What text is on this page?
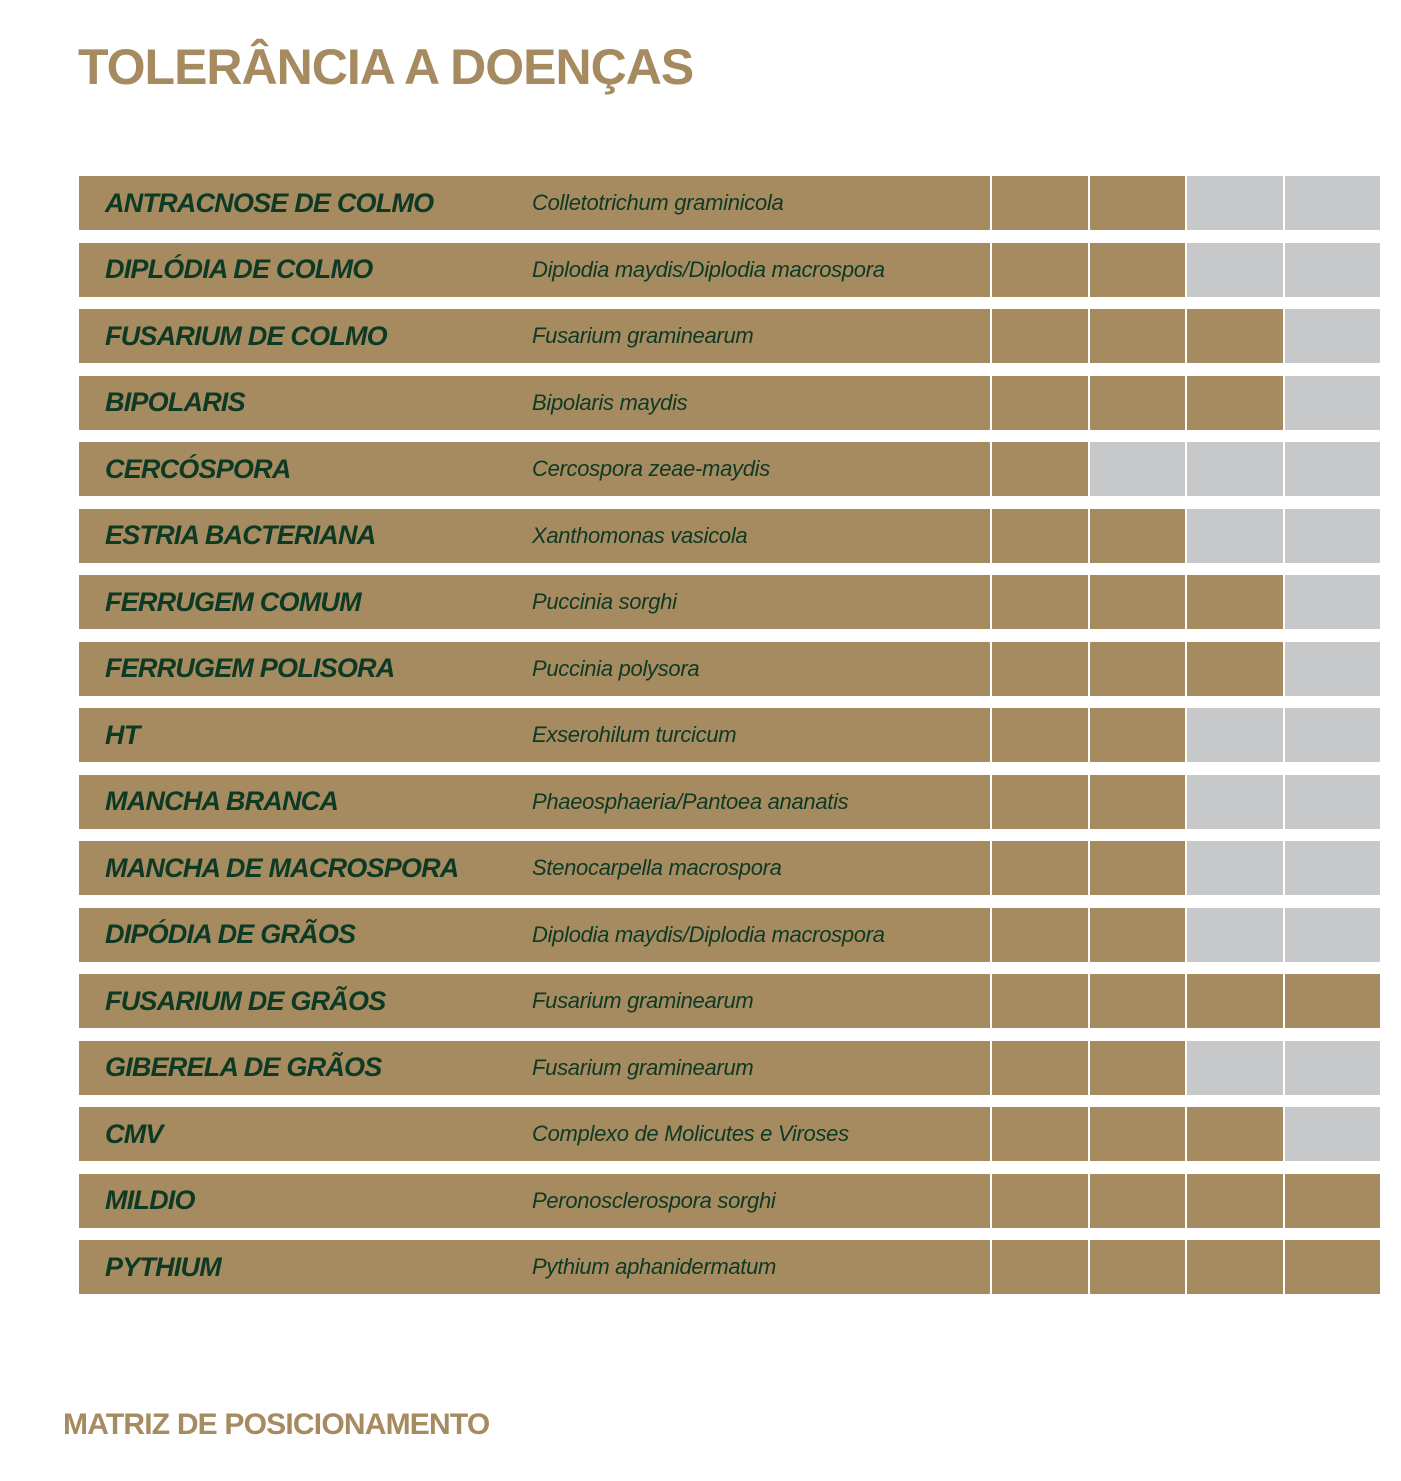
TOLERÂNCIA A DOENÇAS
ANTRACNOSE DE COLMO	Colletotrichum graminicola
DIPLÓDIA DE COLMO	Diplodia maydis/Diplodia macrospora
FUSARIUM DE COLMO	Fusarium graminearum
BIPOLARIS	Bipolaris maydis
CERCÓSPORA	Cercospora zeae-maydis
ESTRIA BACTERIANA	Xanthomonas vasicola
FERRUGEM COMUM	Puccinia sorghi
FERRUGEM POLISORA	Puccinia polysora
HT	Exserohilum turcicum
MANCHA BRANCA	Phaeosphaeria/Pantoea ananatis
MANCHA DE MACROSPORA	Stenocarpella macrospora
DIPÓDIA DE GRÃOS	Diplodia maydis/Diplodia macrospora
FUSARIUM DE GRÃOS	Fusarium graminearum
GIBERELA DE GRÃOS	Fusarium graminearum
CMV	Complexo de Molicutes e Viroses
MILDIO	Peronosclerospora sorghi
PYTHIUM	Pythium aphanidermatum
MATRIZ DE POSICIONAMENTO
